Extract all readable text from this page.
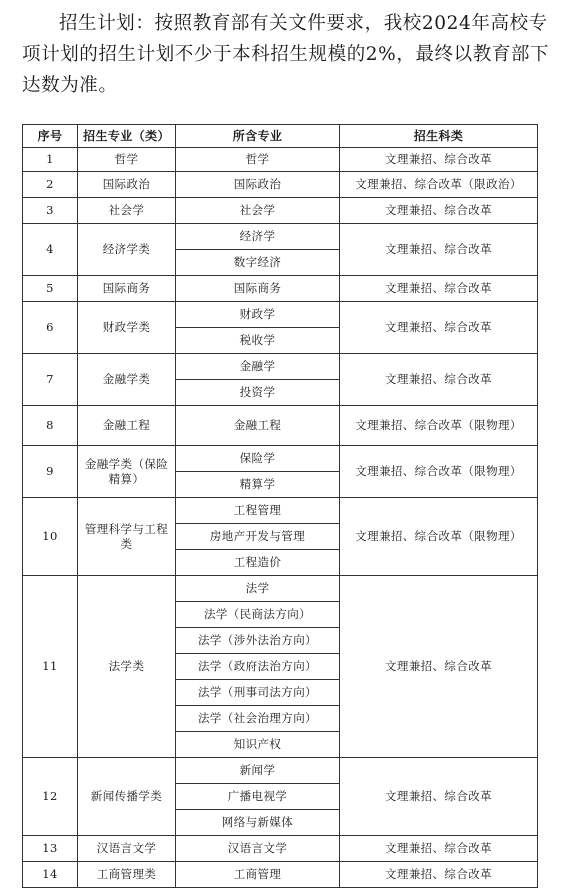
招生计划：按照教育部有关文件要求，我校2024年高校专项计划的招生计划不少于本科招生规模的2%，最终以教育部下达数为准。

序号	招生专业（类）	所含专业	招生科类
1	哲学	哲学	文理兼招、综合改革
2	国际政治	国际政治	文理兼招、综合改革（限政治）
3	社会学	社会学	文理兼招、综合改革
4	经济学类	经济学	文理兼招、综合改革
		数字经济	
5	国际商务	国际商务	文理兼招、综合改革
6	财政学类	财政学	文理兼招、综合改革
		税收学	
7	金融学类	金融学	文理兼招、综合改革
		投资学	
8	金融工程	金融工程	文理兼招、综合改革（限物理）
9	金融学类（保险精算）	保险学	文理兼招、综合改革（限物理）
		精算学	
10	管理科学与工程类	工程管理	文理兼招、综合改革（限物理）
		房地产开发与管理	
		工程造价	
11	法学类	法学	文理兼招、综合改革
		法学（民商法方向）	
		法学（涉外法治方向）	
		法学（政府法治方向）	
		法学（刑事司法方向）	
		法学（社会治理方向）	
		知识产权	
12	新闻传播学类	新闻学	文理兼招、综合改革
		广播电视学	
		网络与新媒体	
13	汉语言文学	汉语言文学	文理兼招、综合改革
14	工商管理类	工商管理	文理兼招、综合改革
